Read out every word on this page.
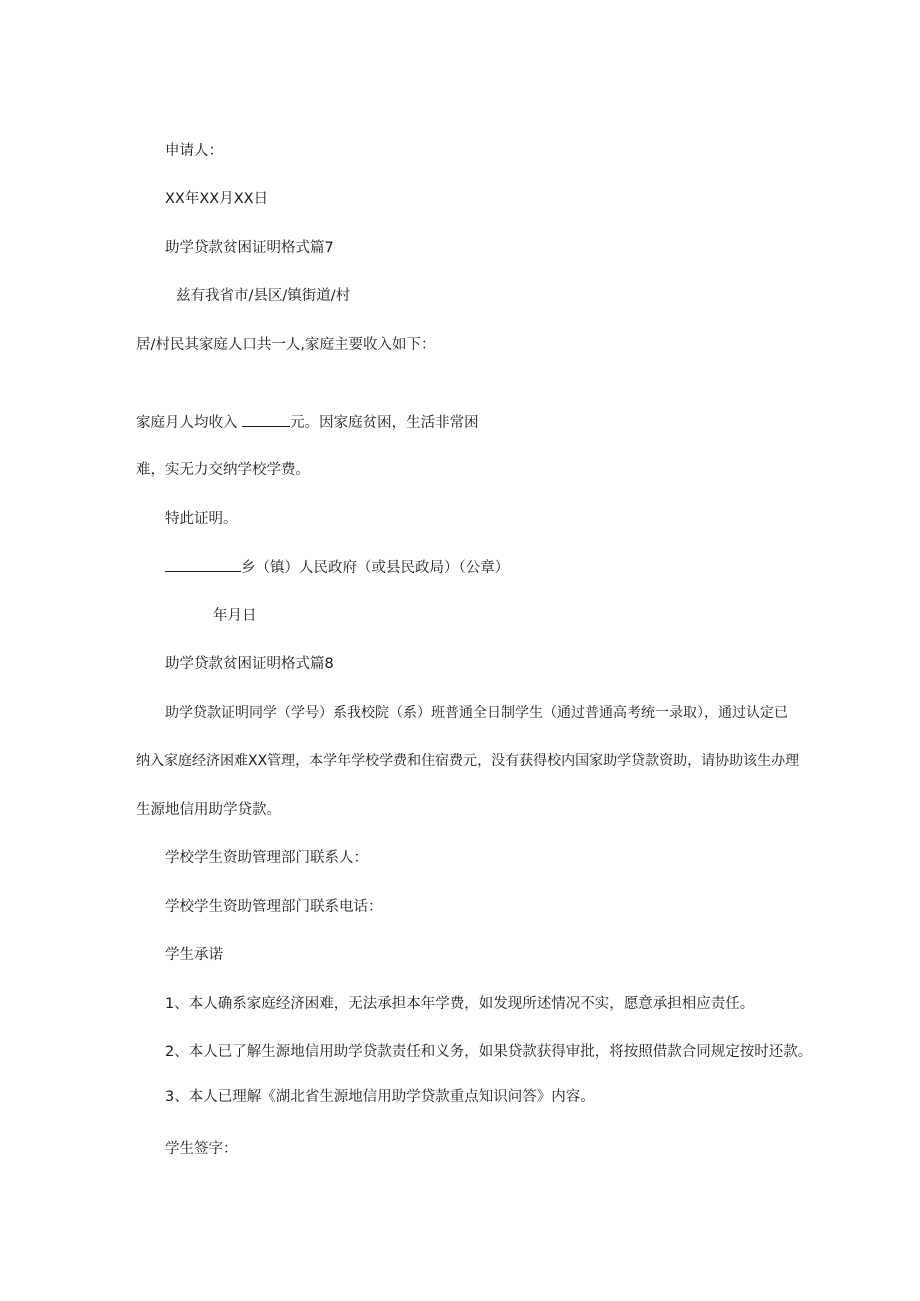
申请人：
XX年XX月XX日
助学贷款贫困证明格式篇7
兹有我省市/县区/镇街道/村
居/村民其家庭人口共一人,家庭主要收入如下：
家庭月人均收入	元。因家庭贫困，生活非常困
难，实无力交纳学校学费。
特此证明。
乡（镇）人民政府（或县民政局）（公章）
年月日
助学贷款贫困证明格式篇8
助学贷款证明同学（学号）系我校院（系）班普通全日制学生（通过普通高考统一录取），通过认定已
纳入家庭经济困难XX管理，本学年学校学费和住宿费元，没有获得校内国家助学贷款资助，请协助该生办理
生源地信用助学贷款。
学校学生资助管理部门联系人：
学校学生资助管理部门联系电话：
学生承诺
1、本人确系家庭经济困难，无法承担本年学费，如发现所述情况不实，愿意承担相应责任。
2、本人已了解生源地信用助学贷款责任和义务，如果贷款获得审批，将按照借款合同规定按时还款。
3、本人已理解《湖北省生源地信用助学贷款重点知识问答》内容。
学生签字：
